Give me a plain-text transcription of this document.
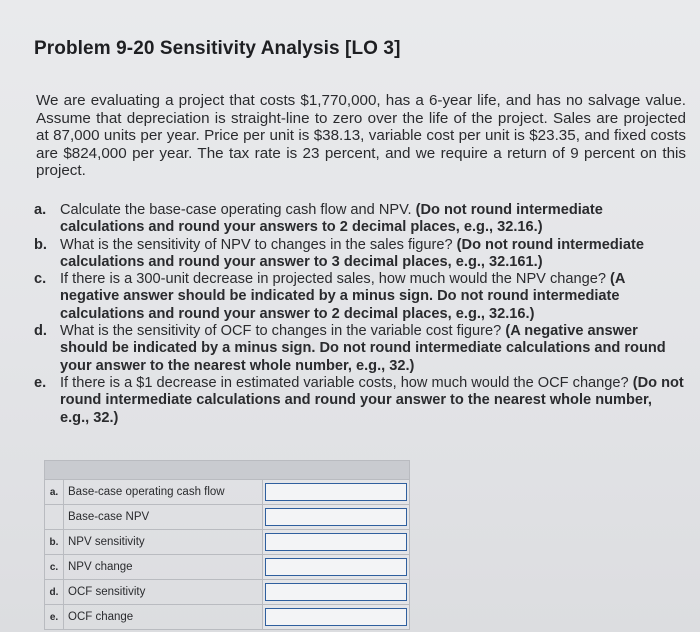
Problem 9-20 Sensitivity Analysis [LO 3]

We are evaluating a project that costs $1,770,000, has a 6-year life, and has no salvage value. Assume that depreciation is straight-line to zero over the life of the project. Sales are projected at 87,000 units per year. Price per unit is $38.13, variable cost per unit is $23.35, and fixed costs are $824,000 per year. The tax rate is 23 percent, and we require a return of 9 percent on this project.

a. Calculate the base-case operating cash flow and NPV. (Do not round intermediate calculations and round your answers to 2 decimal places, e.g., 32.16.)
b. What is the sensitivity of NPV to changes in the sales figure? (Do not round intermediate calculations and round your answer to 3 decimal places, e.g., 32.161.)
c. If there is a 300-unit decrease in projected sales, how much would the NPV change? (A negative answer should be indicated by a minus sign. Do not round intermediate calculations and round your answer to 2 decimal places, e.g., 32.16.)
d. What is the sensitivity of OCF to changes in the variable cost figure? (A negative answer should be indicated by a minus sign. Do not round intermediate calculations and round your answer to the nearest whole number, e.g., 32.)
e. If there is a $1 decrease in estimated variable costs, how much would the OCF change? (Do not round intermediate calculations and round your answer to the nearest whole number, e.g., 32.)

a.	Base-case operating cash flow	

	Base-case NPV	

b.	NPV sensitivity	

c.	NPV change	

d.	OCF sensitivity	

e.	OCF change	
